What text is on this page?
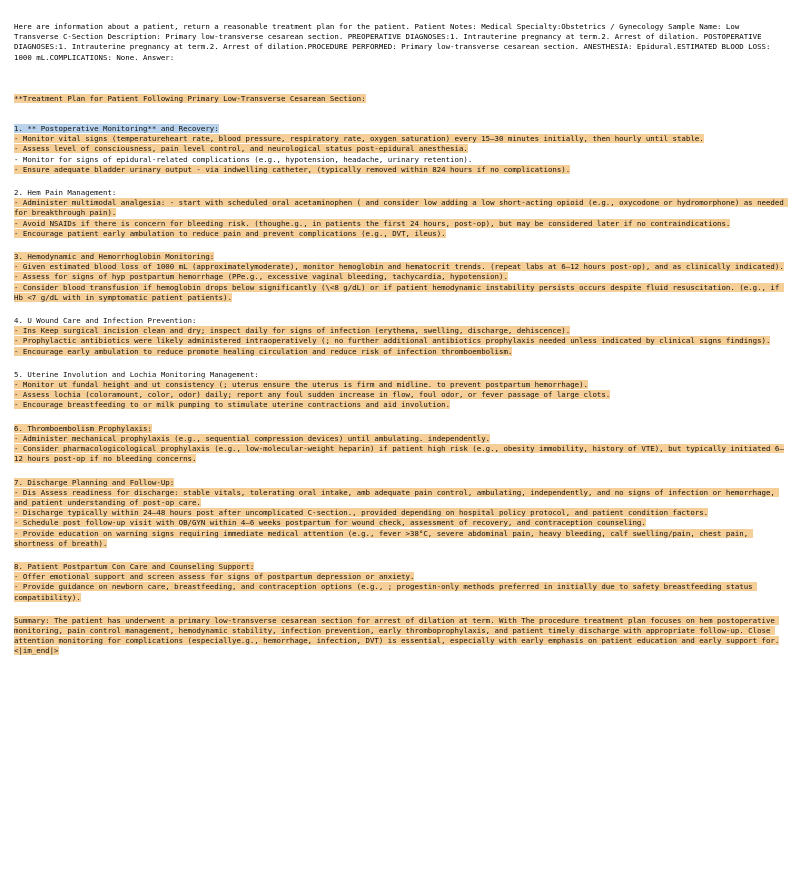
Here are information about a patient, return a reasonable treatment plan for the patient. Patient Notes: Medical Specialty:Obstetrics / Gynecology Sample Name: Low Transverse C-Section Description: Primary low-transverse cesarean section. PREOPERATIVE DIAGNOSES:1. Intrauterine pregnancy at term.2. Arrest of dilation. POSTOPERATIVE DIAGNOSES:1. Intrauterine pregnancy at term.2. Arrest of dilation.PROCEDURE PERFORMED: Primary low-transverse cesarean section. ANESTHESIA: Epidural.ESTIMATED BLOOD LOSS: 1000 mL.COMPLICATIONS: None. Answer:

**Treatment Plan for Patient Following Primary Low-Transverse Cesarean Section:

1. ** Postoperative Monitoring** and Recovery:

- Monitor vital signs (temperatureheart rate, blood pressure, respiratory rate, oxygen saturation) every 15–30 minutes initially, then hourly until stable.

- Assess level of consciousness, pain level control, and neurological status post-epidural anesthesia.

- Monitor for signs of epidural-related complications (e.g., hypotension, headache, urinary retention).

- Ensure adequate bladder urinary output - via indwelling catheter, (typically removed within 824 hours if no complications).

2. Hem Pain Management:

- Administer multimodal analgesia: - start with scheduled oral acetaminophen ( and consider low adding a low short-acting opioid (e.g., oxycodone or hydromorphone) as needed for breakthrough pain).

- Avoid NSAIDs if there is concern for bleeding risk. (thoughe.g., in patients the first 24 hours, post-op), but may be considered later if no contraindications.

- Encourage patient early ambulation to reduce pain and prevent complications (e.g., DVT, ileus).

3. Hemodynamic and Hemorrhoglobin Monitoring:

- Given estimated blood loss of 1000 mL (approximatelymoderate), monitor hemoglobin and hematocrit trends. (repeat labs at 6–12 hours post-op), and as clinically indicated).

- Assess for signs of hyp postpartum hemorrhage (PPe.g., excessive vaginal bleeding, tachycardia, hypotension).

- Consider blood transfusion if hemoglobin drops below significantly (\<8 g/dL) or if patient hemodynamic instability persists occurs despite fluid resuscitation. (e.g., if Hb <7 g/dL with in symptomatic patient patients).

4. U Wound Care and Infection Prevention:

- Ins Keep surgical incision clean and dry; inspect daily for signs of infection (erythema, swelling, discharge, dehiscence).

- Prophylactic antibiotics were likely administered intraoperatively (; no further additional antibiotics prophylaxis needed unless indicated by clinical signs findings).

- Encourage early ambulation to reduce promote healing circulation and reduce risk of infection thromboembolism.

5. Uterine Involution and Lochia Monitoring Management:

- Monitor ut fundal height and ut consistency (; uterus ensure the uterus is firm and midline. to prevent postpartum hemorrhage).

- Assess lochia (coloramount, color, odor) daily; report any foul sudden increase in flow, foul odor, or fever passage of large clots.

- Encourage breastfeeding to or milk pumping to stimulate uterine contractions and aid involution.

6. Thromboembolism Prophylaxis:

- Administer mechanical prophylaxis (e.g., sequential compression devices) until ambulating. independently.

- Consider pharmacologicological prophylaxis (e.g., low-molecular-weight heparin) if patient high risk (e.g., obesity immobility, history of VTE), but typically initiated 6–12 hours post-op if no bleeding concerns.

7. Discharge Planning and Follow-Up:

- Dis Assess readiness for discharge: stable vitals, tolerating oral intake, amb adequate pain control, ambulating, independently, and no signs of infection or hemorrhage, and patient understanding of post-op care.

- Discharge typically within 24–48 hours post after uncomplicated C-section., provided depending on hospital policy protocol, and patient condition factors.

- Schedule post follow-up visit with OB/GYN within 4–6 weeks postpartum for wound check, assessment of recovery, and contraception counseling.

- Provide education on warning signs requiring immediate medical attention (e.g., fever >38°C, severe abdominal pain, heavy bleeding, calf swelling/pain, chest pain, shortness of breath).

8. Patient Postpartum Con Care and Counseling Support:

- Offer emotional support and screen assess for signs of postpartum depression or anxiety.

- Provide guidance on newborn care, breastfeeding, and contraception options (e.g., ; progestin-only methods preferred in initially due to safety breastfeeding status compatibility).

Summary: The patient has underwent a primary low-transverse cesarean section for arrest of dilation at term. With The procedure treatment plan focuses on hem postoperative monitoring, pain control management, hemodynamic stability, infection prevention, early thromboprophylaxis, and patient timely discharge with appropriate follow-up. Close attention monitoring for complications (especiallye.g., hemorrhage, infection, DVT) is essential, especially with early emphasis on patient education and early support for.<|im_end|>
